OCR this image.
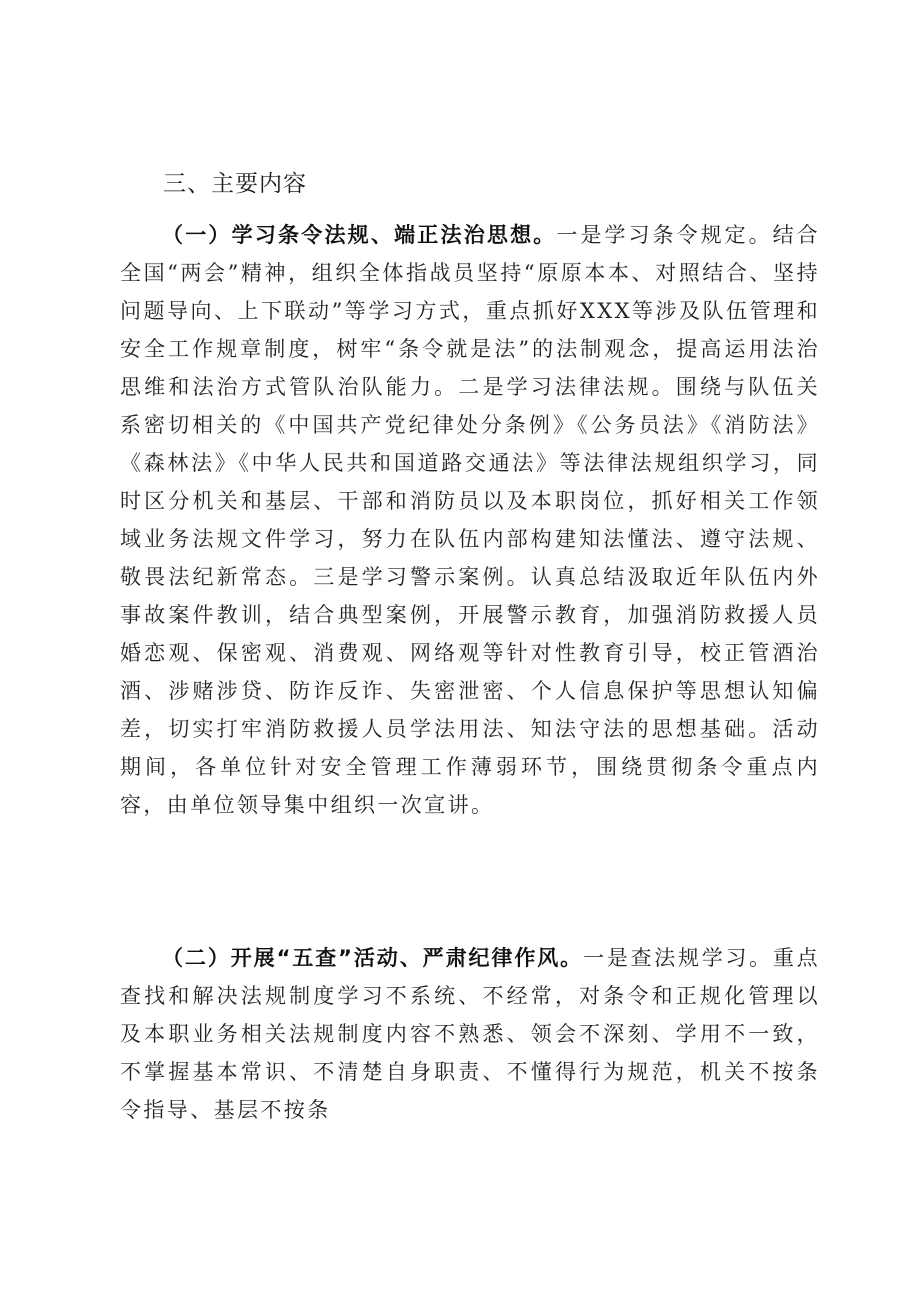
三、主要内容

（一）学习条令法规、端正法治思想。一是学习条令规定。结合全国“两会”精神，组织全体指战员坚持“原原本本、对照结合、坚持问题导向、上下联动”等学习方式，重点抓好XXX等涉及队伍管理和安全工作规章制度，树牢“条令就是法”的法制观念，提高运用法治思维和法治方式管队治队能力。二是学习法律法规。围绕与队伍关系密切相关的《中国共产党纪律处分条例》《公务员法》《消防法》《森林法》《中华人民共和国道路交通法》等法律法规组织学习，同时区分机关和基层、干部和消防员以及本职岗位，抓好相关工作领域业务法规文件学习，努力在队伍内部构建知法懂法、遵守法规、敬畏法纪新常态。三是学习警示案例。认真总结汲取近年队伍内外事故案件教训，结合典型案例，开展警示教育，加强消防救援人员婚恋观、保密观、消费观、网络观等针对性教育引导，校正管酒治酒、涉赌涉贷、防诈反诈、失密泄密、个人信息保护等思想认知偏差，切实打牢消防救援人员学法用法、知法守法的思想基础。活动期间，各单位针对安全管理工作薄弱环节，围绕贯彻条令重点内容，由单位领导集中组织一次宣讲。

（二）开展“五查”活动、严肃纪律作风。一是查法规学习。重点查找和解决法规制度学习不系统、不经常，对条令和正规化管理以及本职业务相关法规制度内容不熟悉、领会不深刻、学用不一致，不掌握基本常识、不清楚自身职责、不懂得行为规范，机关不按条令指导、基层不按条
